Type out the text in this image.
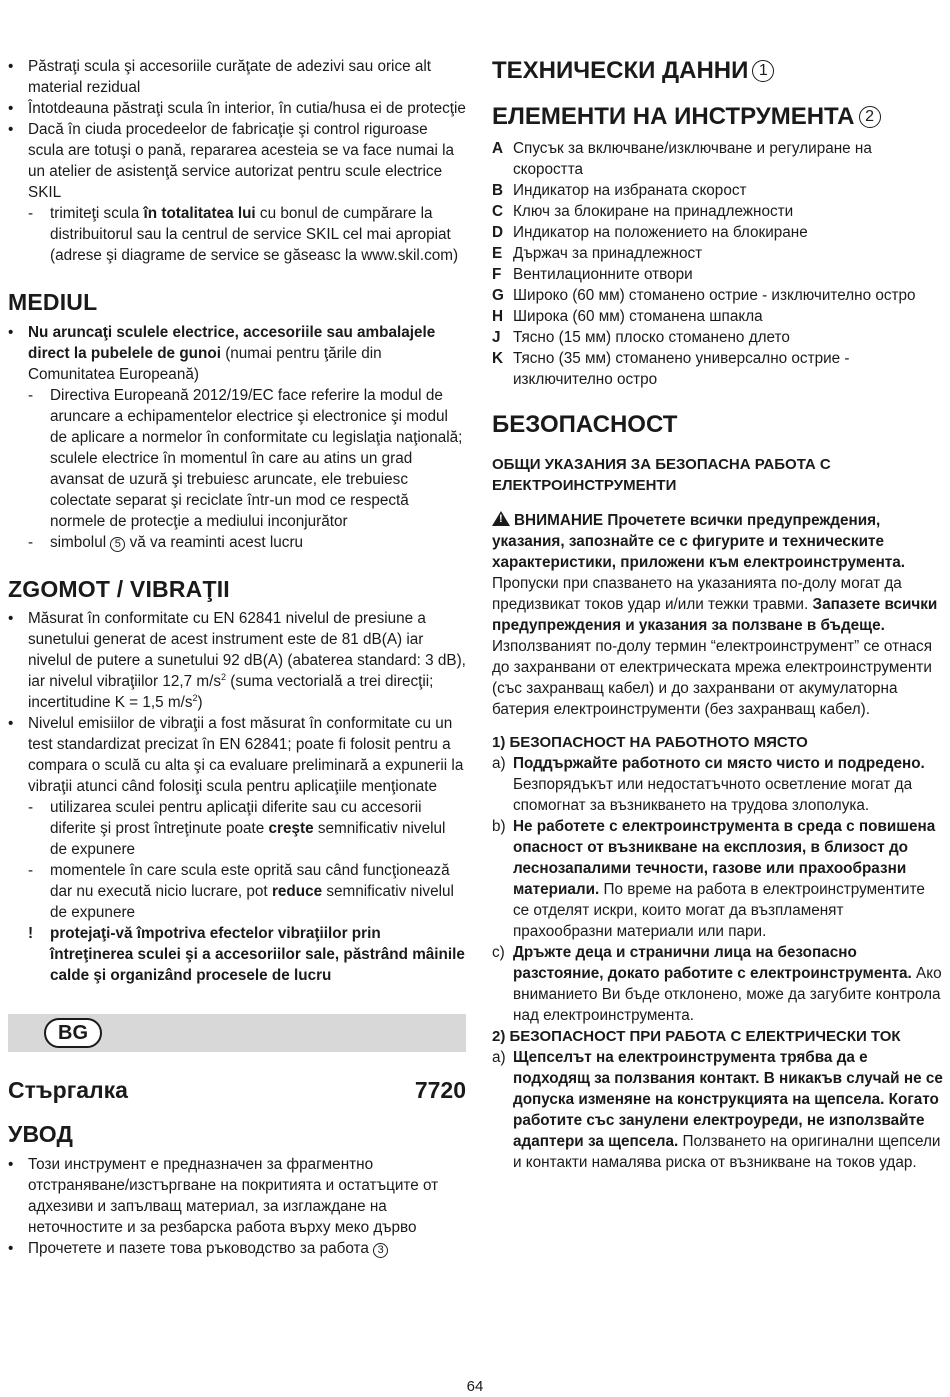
• Păstraţi scula şi accesoriile curăţate de adezivi sau orice alt material rezidual
• Întotdeauna păstraţi scula în interior, în cutia/husa ei de protecţie
• Dacă în ciuda procedeelor de fabricaţie şi control riguroase scula are totuşi o pană, repararea acesteia se va face numai la un atelier de asistenţă service autorizat pentru scule electrice SKIL
- trimiteţi scula în totalitatea lui cu bonul de cumpărare la distribuitorul sau la centrul de service SKIL cel mai apropiat (adrese şi diagrame de service se găseasc la www.skil.com)
MEDIUL
• Nu aruncaţi sculele electrice, accesoriile sau ambalajele direct la pubelele de gunoi (numai pentru ţările din Comunitatea Europeană)
- Directiva Europeană 2012/19/EC face referire la modul de aruncare a echipamentelor electrice şi electronice şi modul de aplicare a normelor în conformitate cu legislaţia naţională; sculele electrice în momentul în care au atins un grad avansat de uzură şi trebuiesc aruncate, ele trebuiesc colectate separat şi reciclate într-un mod ce respectă normele de protecţie a mediului inconjurător
- simbolul 5 vă va reaminti acest lucru
ZGOMOT / VIBRAŢII
• Măsurat în conformitate cu EN 62841 nivelul de presiune a sunetului generat de acest instrument este de 81 dB(A) iar nivelul de putere a sunetului 92 dB(A) (abaterea standard: 3 dB), iar nivelul vibraţiilor 12,7 $m/s^2$ (suma vectorială a trei direcţii; incertitudine K = 1,5 $m/s^2$)
• Nivelul emisiilor de vibraţii a fost măsurat în conformitate cu un test standardizat precizat în EN 62841; poate fi folosit pentru a compara o sculă cu alta şi ca evaluare preliminară a expunerii la vibraţii atunci când folosiţi scula pentru aplicaţiile menţionate
- utilizarea sculei pentru aplicaţii diferite sau cu accesorii diferite şi prost întreţinute poate creşte semnificativ nivelul de expunere
- momentele în care scula este oprită sau când funcţionează dar nu execută nicio lucrare, pot reduce semnificativ nivelul de expunere
! protejaţi-vă împotriva efectelor vibraţiilor prin întreţinerea sculei şi a accesoriilor sale, păstrând mâinile calde şi organizând procesele de lucru
BG
Стъргалка	7720
УВОД
• Този инструмент е предназначен за фрагментно отстраняване/изстъргване на покритията и остатъците от адхезиви и запълващ материал, за изглаждане на неточностите и за резбарска работа върху меко дърво
• Прочетете и пазете това ръководство за работа 3
ТЕХНИЧЕСКИ ДАННИ 1
ЕЛЕМЕНТИ НА ИНСТРУМЕНТА 2
A Спусък за включване/изключване и регулиране на скоростта
B Индикатор на избраната скорост
C Ключ за блокиране на принадлежности
D Индикатор на положението на блокиране
E Държач за принадлежност
F Вентилационните отвори
G Широко (60 мм) стоманено острие - изключително остро
H Широка (60 мм) стоманена шпакла
J Тясно (15 мм) плоско стоманено длето
K Тясно (35 мм) стоманено универсално острие - изключително остро
БЕЗОПАСНОСТ
ОБЩИ УКАЗАНИЯ ЗА БЕЗОПАСНА РАБОТА С ЕЛЕКТРОИНСТРУМЕНТИ
!ВНИМАНИЕ Прочетете всички предупреждения, указания, запознайте се с фигурите и техническите характеристики, приложени към електроинструмента. Пропуски при спазването на указанията по-долу могат да предизвикат токов удар и/или тежки травми. Запазете всички предупреждения и указания за ползване в бъдеще. Използваният по-долу термин “електроинструмент” се отнася до захранвани от електрическата мрежа електроинструменти (със захранващ кабел) и до захранвани от акумулаторна батерия електроинструменти (без захранващ кабел).
1) БЕЗОПАСНОСТ НА РАБОТНОТО МЯСТО
a) Поддържайте работното си място чисто и подредено. Безпорядъкът или недостатъчното осветление могат да спомогнат за възникването на трудова злополука.
b) Не работете с електроинструмента в среда с повишена опасност от възникване на експлозия, в близост до леснозапалими течности, газове или прахообразни материали. По време на работа в електроинструментите се отделят искри, които могат да възпламенят прахообразни материали или пари.
c) Дръжте деца и странични лица на безопасно разстояние, докато работите с електроинструмента. Ако вниманието Ви бъде отклонено, може да загубите контрола над електроинструмента.
2) БЕЗОПАСНОСТ ПРИ РАБОТА С ЕЛЕКТРИЧЕСКИ ТОК
a) Щепселът на електроинструмента трябва да е подходящ за ползвания контакт. В никакъв случай не се допуска изменяне на конструкцията на щепсела. Когато работите със занулени електроуреди, не използвайте адаптери за щепсела. Ползването на оригинални щепсели и контакти намалява риска от възникване на токов удар.
64
